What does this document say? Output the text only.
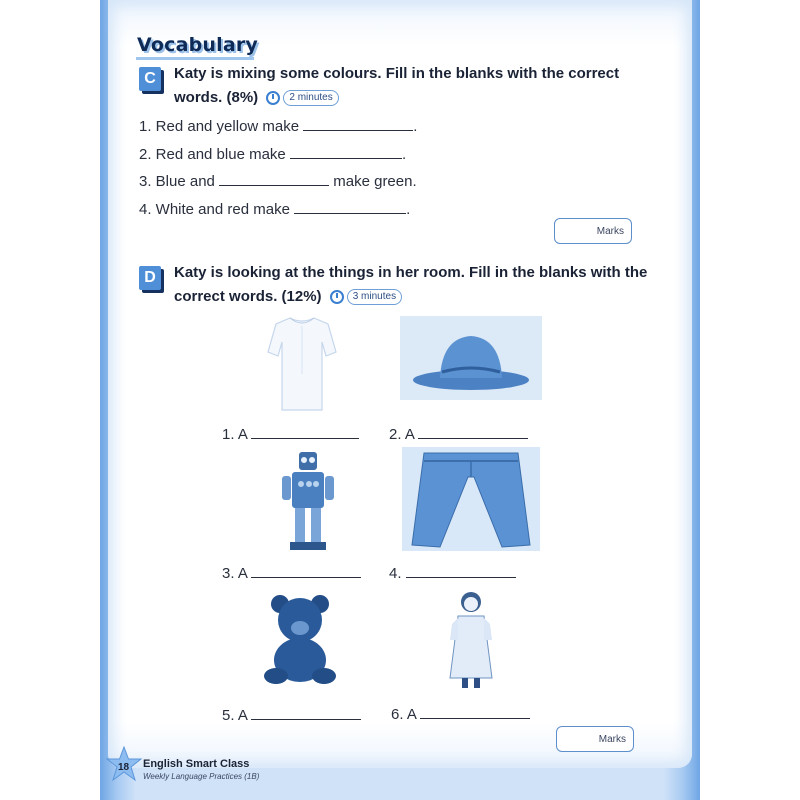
Vocabulary
C	Katy is mixing some colours. Fill in the blanks with the correct
words. (8%)	2 minutes
1. Red and yellow make	.
2. Red and blue make	.
3. Blue and	make green.
4. White and red make	.
Marks
D	Katy is looking at the things in her room. Fill in the blanks with the
correct words. (12%)	3 minutes
1. A	2. A
3. A	4.
5. A	6. A
Marks
18 English Smart Class
Weekly Language Practices (1B)
